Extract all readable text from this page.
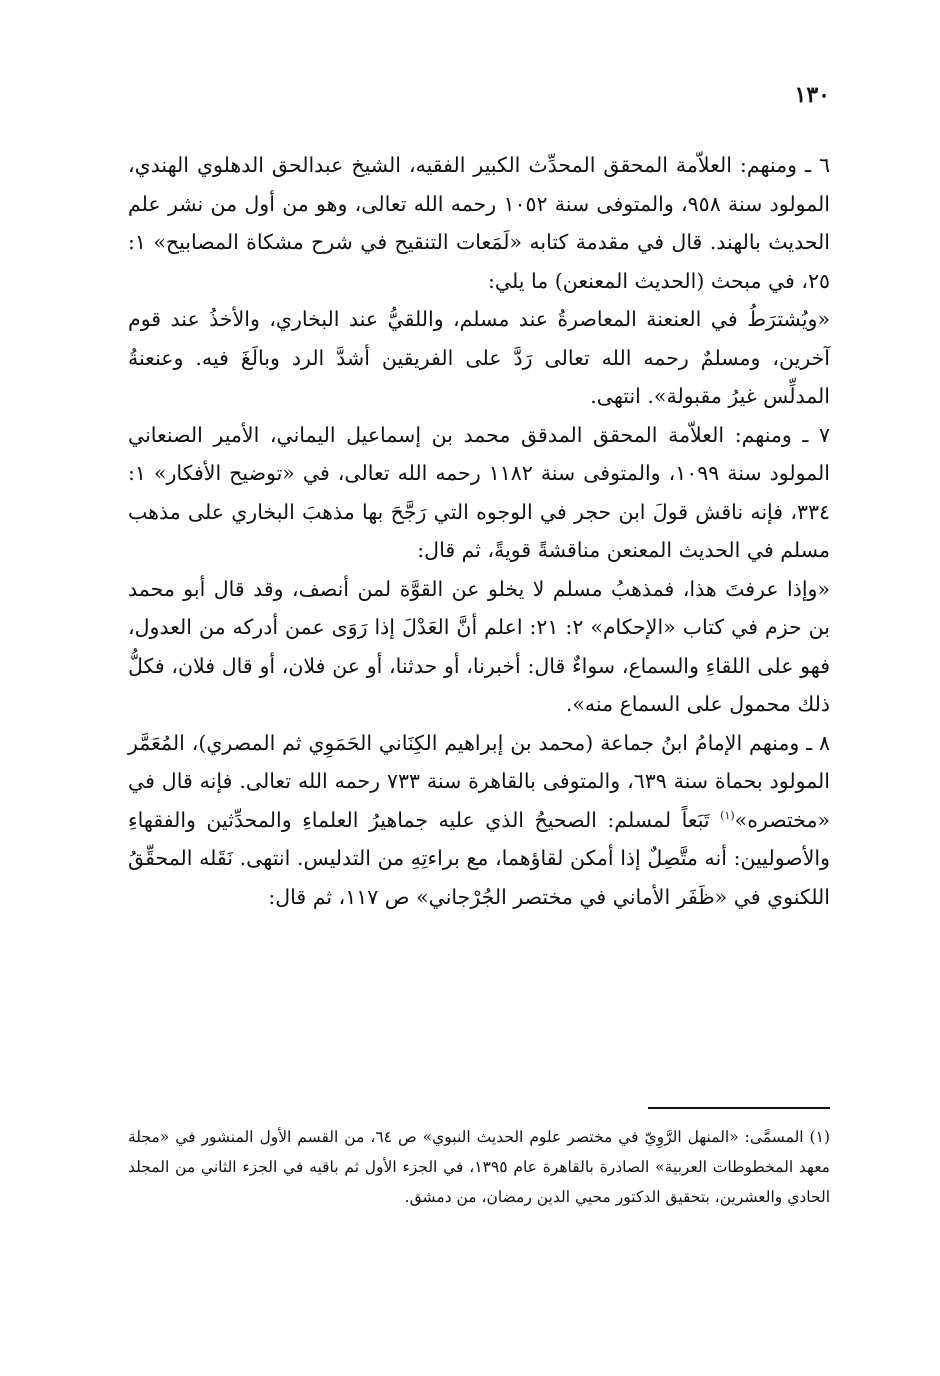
١٣٠

٦ ـ ومنهم: العلاّمة المحقق المحدِّث الكبير الفقيه، الشيخ عبدالحق الدهلوي الهندي، المولود سنة ٩٥٨، والمتوفى سنة ١٠٥٢ رحمه الله تعالى، وهو من أول من نشر علم الحديث بالهند. قال في مقدمة كتابه «لَمَعات التنقيح في شرح مشكاة المصابيح» ١: ٢٥، في مبحث (الحديث المعنعن) ما يلي:

«ويُشترَطُ في العنعنة المعاصرةُ عند مسلم، واللقيُّ عند البخاري، والأخذُ عند قوم آخرين، ومسلمٌ رحمه الله تعالى رَدَّ على الفريقين أشدَّ الرد وبالَغَ فيه. وعنعنةُ المدلِّس غيرُ مقبولة». انتهى.

٧ ـ ومنهم: العلاّمة المحقق المدقق محمد بن إسماعيل اليماني، الأمير الصنعاني المولود سنة ١٠٩٩، والمتوفى سنة ١١٨٢ رحمه الله تعالى، في «توضيح الأفكار» ١: ٣٣٤، فإنه ناقش قولَ ابن حجر في الوجوه التي رَجَّحَ بها مذهبَ البخاري على مذهب مسلم في الحديث المعنعن مناقشةً قويةً، ثم قال:

«وإذا عرفتَ هذا، فمذهبُ مسلم لا يخلو عن القوَّة لمن أنصف، وقد قال أبو محمد بن حزم في كتاب «الإحكام» ٢: ٢١: اعلم أنَّ العَدْلَ إذا رَوَى عمن أدركه من العدول، فهو على اللقاءِ والسماع، سواءٌ قال: أخبرنا، أو حدثنا، أو عن فلان، أو قال فلان، فكلُّ ذلك محمول على السماع منه».

٨ ـ ومنهم الإمامُ ابنُ جماعة (محمد بن إبراهيم الكِنَاني الحَمَوِي ثم المصري)، المُعَمَّر المولود بحماة سنة ٦٣٩، والمتوفى بالقاهرة سنة ٧٣٣ رحمه الله تعالى. فإنه قال في «مختصره»$^{(١)}$ تَبَعاً لمسلم: الصحيحُ الذي عليه جماهيرُ العلماءِ والمحدِّثين والفقهاءِ والأصوليين: أنه متَّصِلٌ إذا أمكن لقاؤهما، مع براءتِهِ من التدليس. انتهى. نَقَله المحقِّقُ اللكنوي في «ظَفَر الأماني في مختصر الجُرْجاني» ص ١١٧، ثم قال:

(١) المسمَّى: «المنهل الرَّوِيّ في مختصر علوم الحديث النبوي» ص ٦٤، من القسم الأول المنشور في «مجلة معهد المخطوطات العربية» الصادرة بالقاهرة عام ١٣٩٥، في الجزء الأول ثم باقيه في الجزء الثاني من المجلد الحادي والعشرين، بتحقيق الدكتور محيي الدين رمضان، من دمشق.
